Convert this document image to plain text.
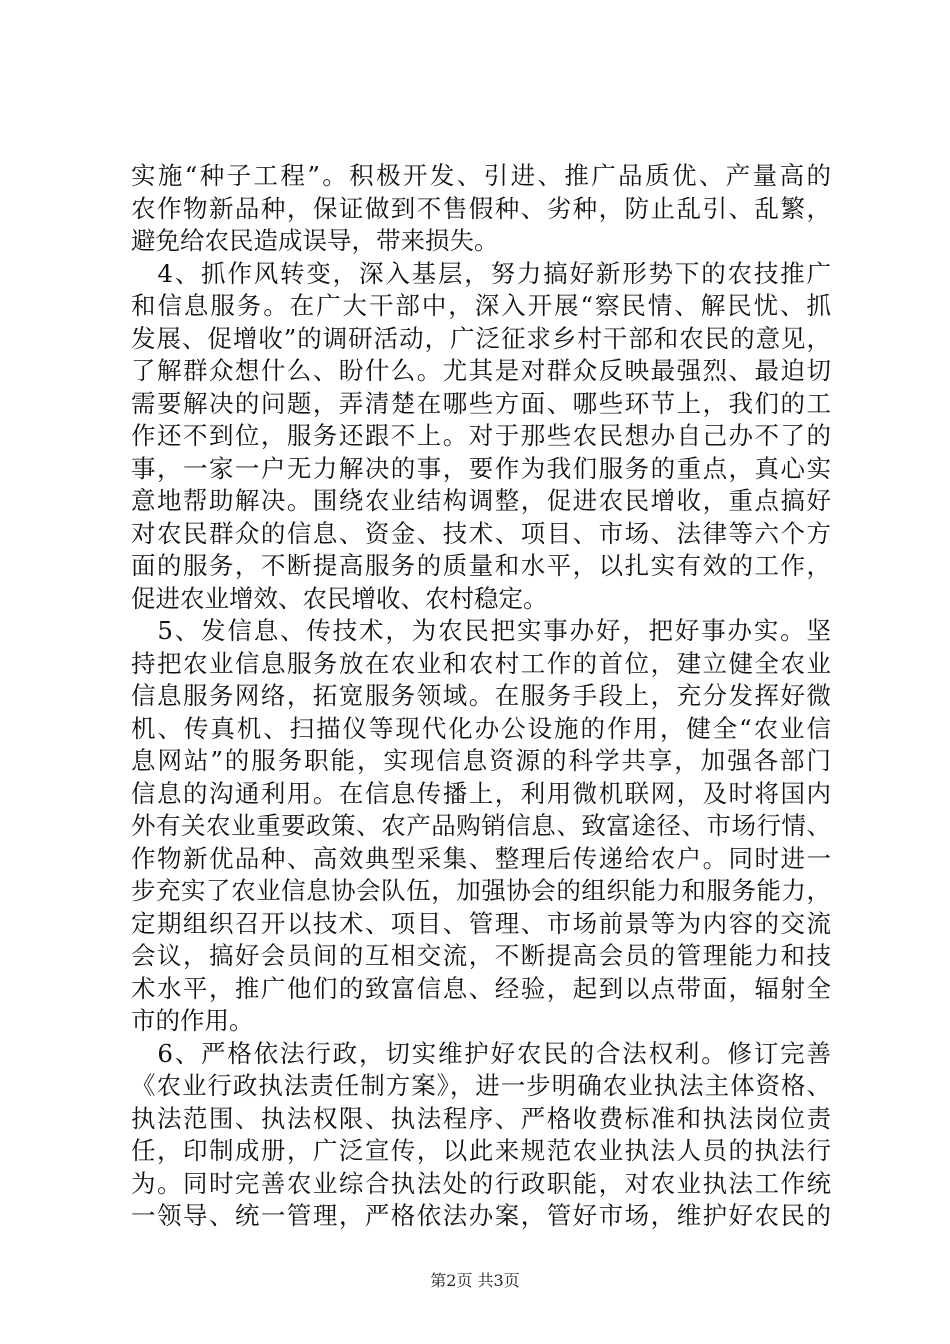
实施“种子工程”。积极开发、引进、推广品质优、产量高的
农作物新品种，保证做到不售假种、劣种，防止乱引、乱繁，
避免给农民造成误导，带来损失。
　4、抓作风转变，深入基层，努力搞好新形势下的农技推广
和信息服务。在广大干部中，深入开展“察民情、解民忧、抓
发展、促增收”的调研活动，广泛征求乡村干部和农民的意见，
了解群众想什么、盼什么。尤其是对群众反映最强烈、最迫切
需要解决的问题，弄清楚在哪些方面、哪些环节上，我们的工
作还不到位，服务还跟不上。对于那些农民想办自己办不了的
事，一家一户无力解决的事，要作为我们服务的重点，真心实
意地帮助解决。围绕农业结构调整，促进农民增收，重点搞好
对农民群众的信息、资金、技术、项目、市场、法律等六个方
面的服务，不断提高服务的质量和水平，以扎实有效的工作，
促进农业增效、农民增收、农村稳定。
　5、发信息、传技术，为农民把实事办好，把好事办实。坚
持把农业信息服务放在农业和农村工作的首位，建立健全农业
信息服务网络，拓宽服务领域。在服务手段上，充分发挥好微
机、传真机、扫描仪等现代化办公设施的作用，健全“农业信
息网站”的服务职能，实现信息资源的科学共享，加强各部门
信息的沟通利用。在信息传播上，利用微机联网，及时将国内
外有关农业重要政策、农产品购销信息、致富途径、市场行情、
作物新优品种、高效典型采集、整理后传递给农户。同时进一
步充实了农业信息协会队伍，加强协会的组织能力和服务能力，
定期组织召开以技术、项目、管理、市场前景等为内容的交流
会议，搞好会员间的互相交流，不断提高会员的管理能力和技
术水平，推广他们的致富信息、经验，起到以点带面，辐射全
市的作用。
　6、严格依法行政，切实维护好农民的合法权利。修订完善
《农业行政执法责任制方案》，进一步明确农业执法主体资格、
执法范围、执法权限、执法程序、严格收费标准和执法岗位责
任，印制成册，广泛宣传，以此来规范农业执法人员的执法行
为。同时完善农业综合执法处的行政职能，对农业执法工作统
一领导、统一管理，严格依法办案，管好市场，维护好农民的
第2页 共3页
